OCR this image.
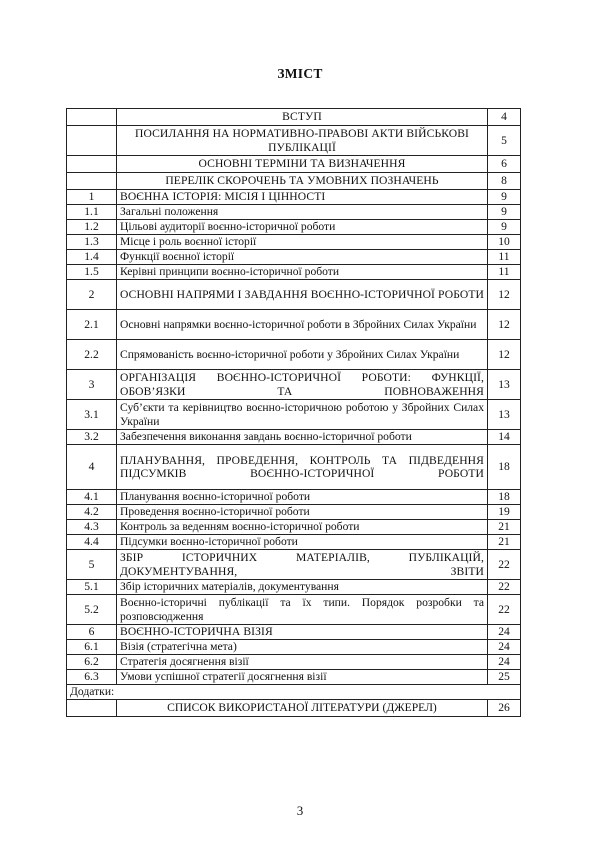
ЗМІСТ
	ВСТУП	4
	ПОСИЛАННЯ НА НОРМАТИВНО-ПРАВОВІ АКТИ ВІЙСЬКОВІ ПУБЛІКАЦІЇ	5
	ОСНОВНІ ТЕРМІНИ ТА ВИЗНАЧЕННЯ	6
	ПЕРЕЛІК СКОРОЧЕНЬ ТА УМОВНИХ ПОЗНАЧЕНЬ	8
1	ВОЄННА ІСТОРІЯ: МІСІЯ І ЦІННОСТІ	9
1.1	Загальні положення	9
1.2	Цільові аудиторії воєнно-історичної роботи	9
1.3	Місце і роль воєнної історії	10
1.4	Функції воєнної історії	11
1.5	Керівні принципи воєнно-історичної роботи	11
2	ОСНОВНІ НАПРЯМИ І ЗАВДАННЯ ВОЄННО-ІСТОРИЧНОЇ РОБОТИ	12
2.1	Основні напрямки воєнно-історичної роботи в Збройних Силах України	12
2.2	Спрямованість воєнно-історичної роботи у Збройних Силах України	12
3	ОРГАНІЗАЦІЯ ВОЄННО-ІСТОРИЧНОЇ РОБОТИ: ФУНКЦІЇ, ОБОВ’ЯЗКИ ТА ПОВНОВАЖЕННЯ	13
3.1	Суб’єкти та керівництво воєнно-історичною роботою у Збройних Силах України	13
3.2	Забезпечення виконання завдань воєнно-історичної роботи	14
4	ПЛАНУВАННЯ, ПРОВЕДЕННЯ, КОНТРОЛЬ ТА ПІДВЕДЕННЯ ПІДСУМКІВ ВОЄННО-ІСТОРИЧНОЇ РОБОТИ	18
4.1	Планування воєнно-історичної роботи	18
4.2	Проведення воєнно-історичної роботи	19
4.3	Контроль за веденням воєнно-історичної роботи	21
4.4	Підсумки воєнно-історичної роботи	21
5	ЗБІР ІСТОРИЧНИХ МАТЕРІАЛІВ, ПУБЛІКАЦІЙ, ДОКУМЕНТУВАННЯ, ЗВІТИ	22
5.1	Збір історичних матеріалів, документування	22
5.2	Воєнно-історичні публікації та їх типи. Порядок розробки та розповсюдження	22
6	ВОЄННО-ІСТОРИЧНА ВІЗІЯ	24
6.1	Візія (стратегічна мета)	24
6.2	Стратегія досягнення візії	24
6.3	Умови успішної стратегії досягнення візії	25
Додатки:		
	СПИСОК ВИКОРИСТАНОЇ ЛІТЕРАТУРИ (ДЖЕРЕЛ)	26
3
